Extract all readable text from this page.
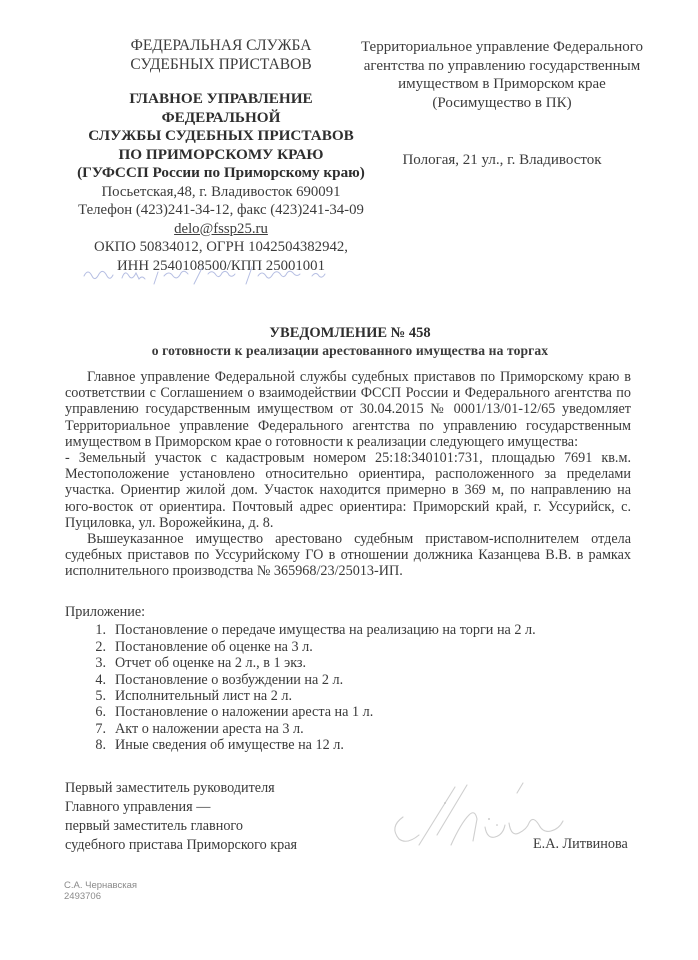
ФЕДЕРАЛЬНАЯ СЛУЖБА
СУДЕБНЫХ ПРИСТАВОВ
ГЛАВНОЕ УПРАВЛЕНИЕ
ФЕДЕРАЛЬНОЙ
СЛУЖБЫ СУДЕБНЫХ ПРИСТАВОВ
ПО ПРИМОРСКОМУ КРАЮ
(ГУФССП России по Приморскому краю)
Посьетская,48, г. Владивосток 690091
Телефон (423)241-34-12, факс (423)241-34-09
delo@fssp25.ru
ОКПО 50834012, ОГРН 1042504382942,
ИНН 2540108500/КПП 25001001
Территориальное управление Федерального
агентства по управлению государственным
имуществом в Приморском крае
(Росимущество в ПК)
Пологая, 21 ул., г. Владивосток
УВЕДОМЛЕНИЕ № 458
о готовности к реализации арестованного имущества на торгах

Главное управление Федеральной службы судебных приставов по Приморскому краю в соответствии с Соглашением о взаимодействии ФССП России и Федерального агентства по управлению государственным имуществом от 30.04.2015 № 0001/13/01-12/65 уведомляет Территориальное управление Федерального агентства по управлению государственным имуществом в Приморском крае о готовности к реализации следующего имущества:

- Земельный участок с кадастровым номером 25:18:340101:731, площадью 7691 кв.м. Местоположение установлено относительно ориентира, расположенного за пределами участка. Ориентир жилой дом. Участок находится примерно в 369 м, по направлению на юго-восток от ориентира. Почтовый адрес ориентира: Приморский край, г. Уссурийск, с. Пуциловка, ул. Ворожейкина, д. 8.

Вышеуказанное имущество арестовано судебным приставом-исполнителем отдела судебных приставов по Уссурийскому ГО в отношении должника Казанцева В.В. в рамках исполнительного производства № 365968/23/25013-ИП.

Приложение:
1. Постановление о передаче имущества на реализацию на торги на 2 л.
2. Постановление об оценке на 3 л.
3. Отчет об оценке на 2 л., в 1 экз.
4. Постановление о возбуждении на 2 л.
5. Исполнительный лист на 2 л.
6. Постановление о наложении ареста на 1 л.
7. Акт о наложении ареста на 3 л.
8. Иные сведения об имуществе на 12 л.
Первый заместитель руководителя
Главного управления —
первый заместитель главного
судебного пристава Приморского края	Е.А. Литвинова
С.А. Чернавская
2493706
